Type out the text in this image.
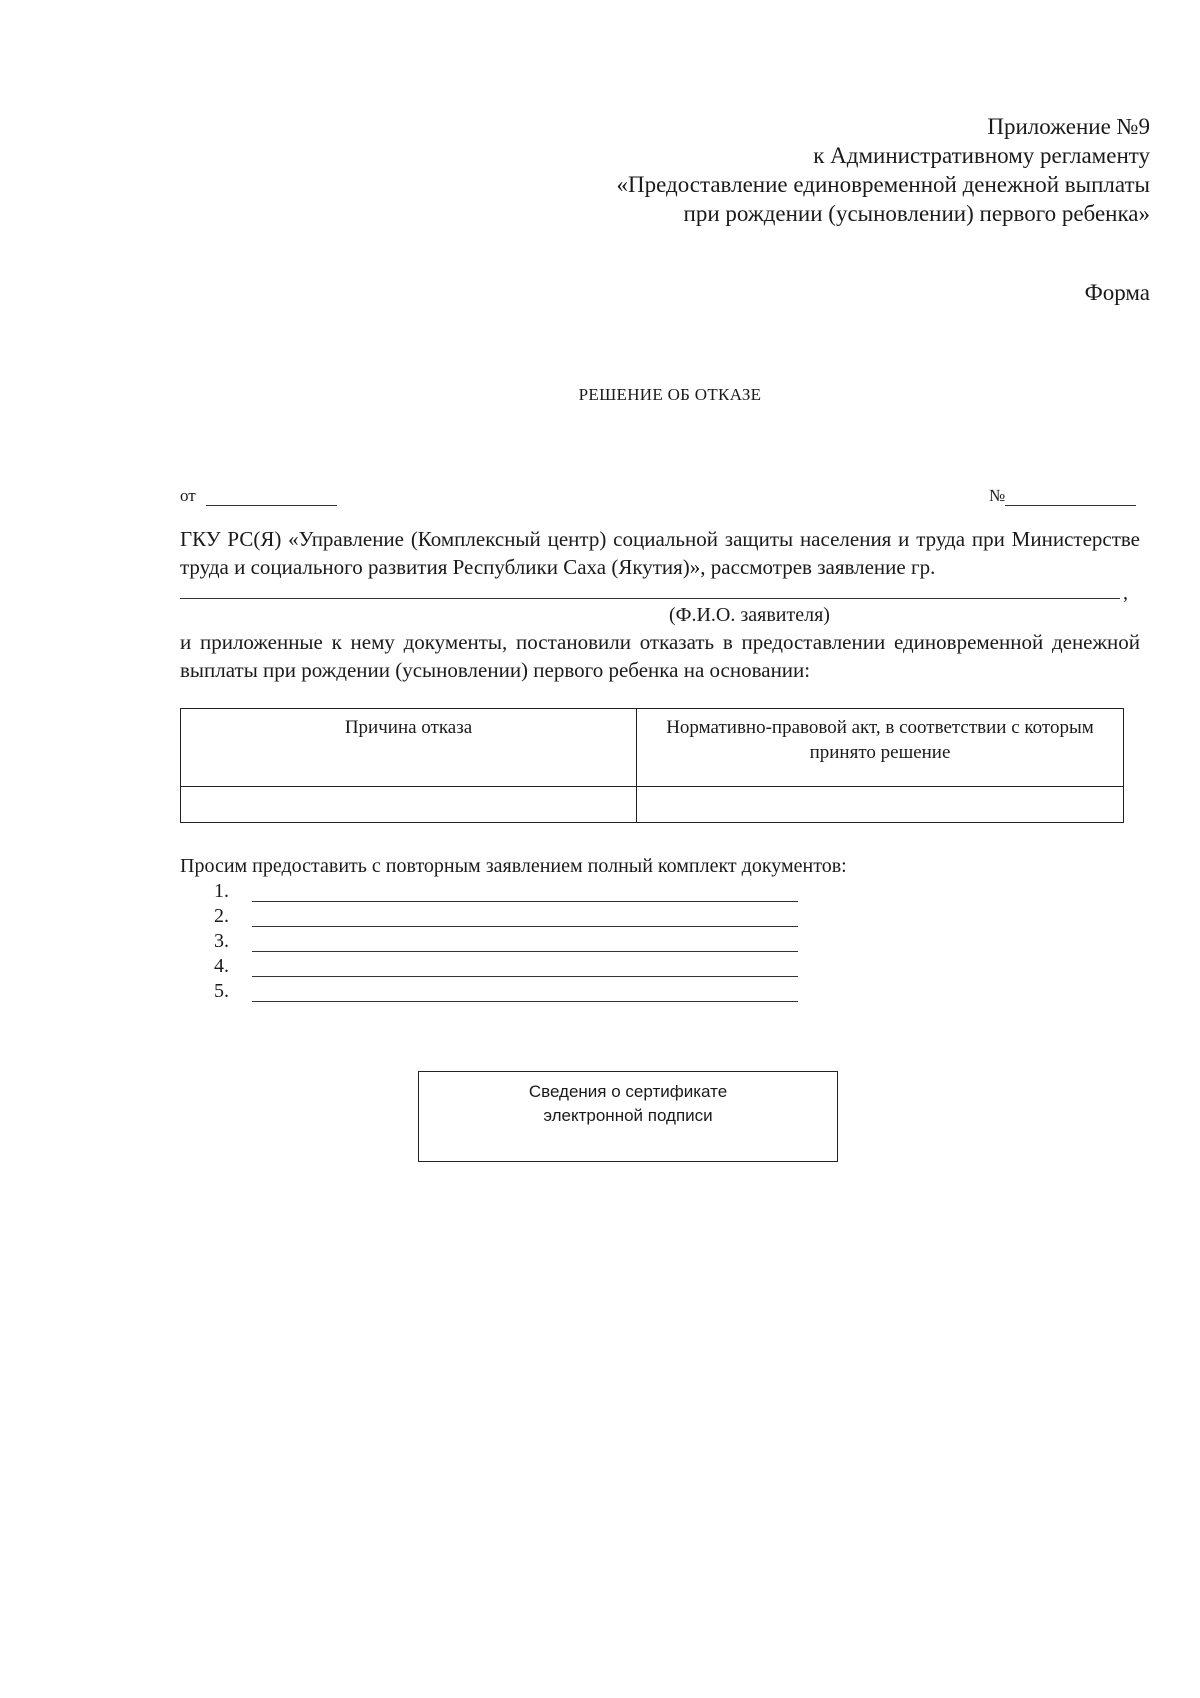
Приложение №9
к Административному регламенту
«Предоставление единовременной денежной выплаты
при рождении (усыновлении) первого ребенка»
Форма
РЕШЕНИЕ ОБ ОТКАЗЕ
от	№
ГКУ РС(Я) «Управление (Комплексный центр) социальной защиты населения и труда при Министерстве труда и социального развития Республики Саха (Якутия)», рассмотрев заявление гр.
,
(Ф.И.О. заявителя)
и приложенные к нему документы, постановили отказать в предоставлении единовременной денежной выплаты при рождении (усыновлении) первого ребенка на основании:
Причина отказа	Нормативно-правовой акт, в соответствии с которым принято решение

Просим предоставить с повторным заявлением полный комплект документов:
1.
2.
3.
4.
5.
Сведения о сертификате
электронной подписи
